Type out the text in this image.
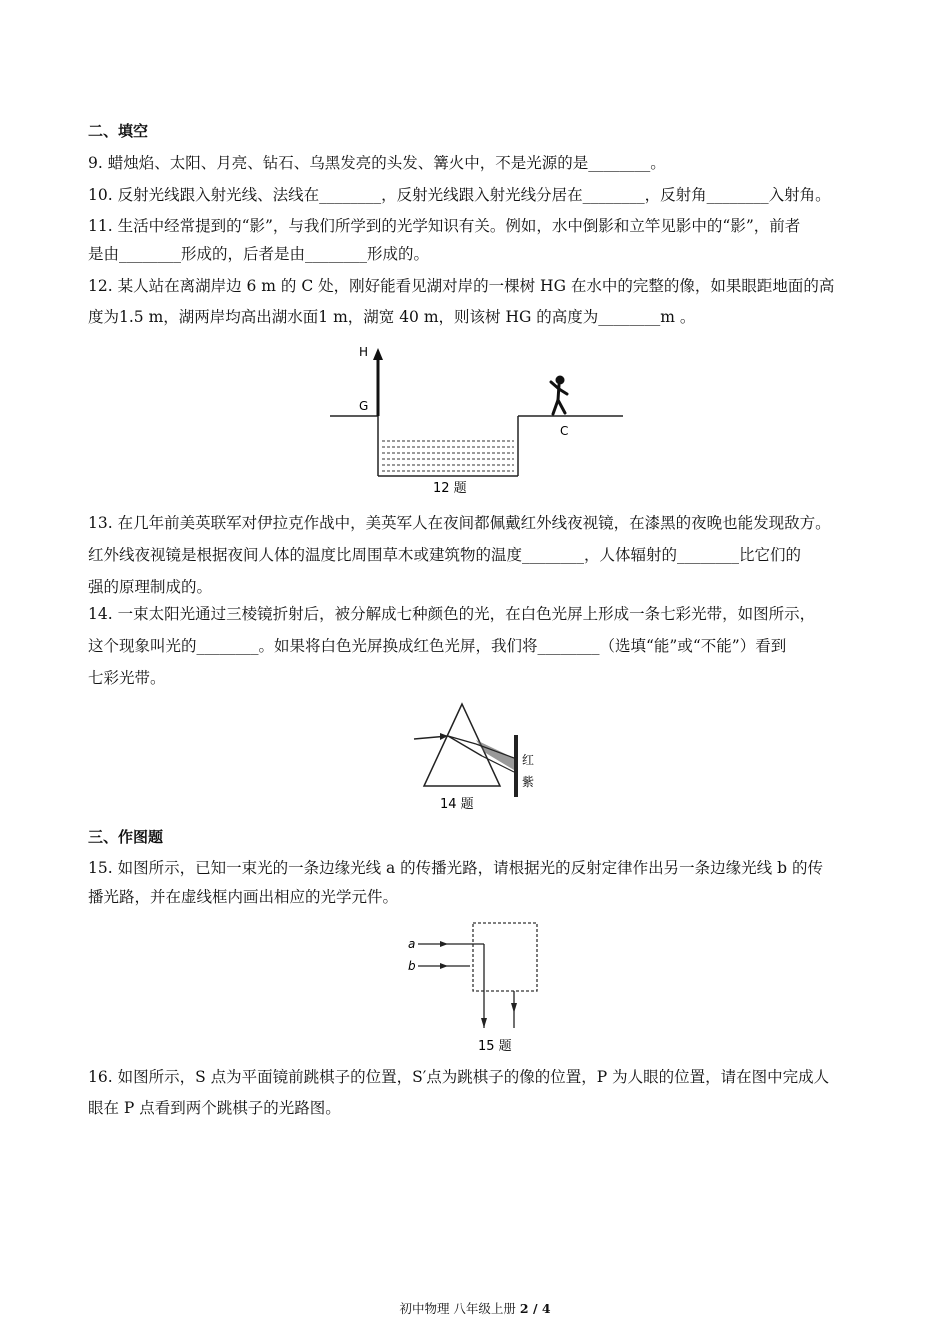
二、填空
9. 蜡烛焰、太阳、月亮、钻石、乌黑发亮的头发、篝火中，不是光源的是________。
10. 反射光线跟入射光线、法线在________，反射光线跟入射光线分居在________，反射角________入射角。
11. 生活中经常提到的“影”，与我们所学到的光学知识有关。例如，水中倒影和立竿见影中的“影”，前者
是由________形成的，后者是由________形成的。
12. 某人站在离湖岸边 6 m 的 C 处，刚好能看见湖对岸的一棵树 HG 在水中的完整的像，如果眼距地面的高
度为1.5 m，湖两岸均高出湖水面1 m，湖宽 40 m，则该树 HG 的高度为________m 。
H
G
C
12 题
13. 在几年前美英联军对伊拉克作战中，美英军人在夜间都佩戴红外线夜视镜，在漆黑的夜晚也能发现敌方。
红外线夜视镜是根据夜间人体的温度比周围草木或建筑物的温度________，人体辐射的________比它们的
强的原理制成的。
14. 一束太阳光通过三棱镜折射后，被分解成七种颜色的光，在白色光屏上形成一条七彩光带，如图所示，
这个现象叫光的________。如果将白色光屏换成红色光屏，我们将________（选填“能”或“不能”）看到
七彩光带。
红
紫
14 题
三、作图题
15. 如图所示，已知一束光的一条边缘光线 a 的传播光路，请根据光的反射定律作出另一条边缘光线 b 的传
播光路，并在虚线框内画出相应的光学元件。
a
b
15 题
16. 如图所示，S 点为平面镜前跳棋子的位置，S′点为跳棋子的像的位置，P 为人眼的位置，请在图中完成人
眼在 P 点看到两个跳棋子的光路图。
初中物理 八年级上册 2 / 4
